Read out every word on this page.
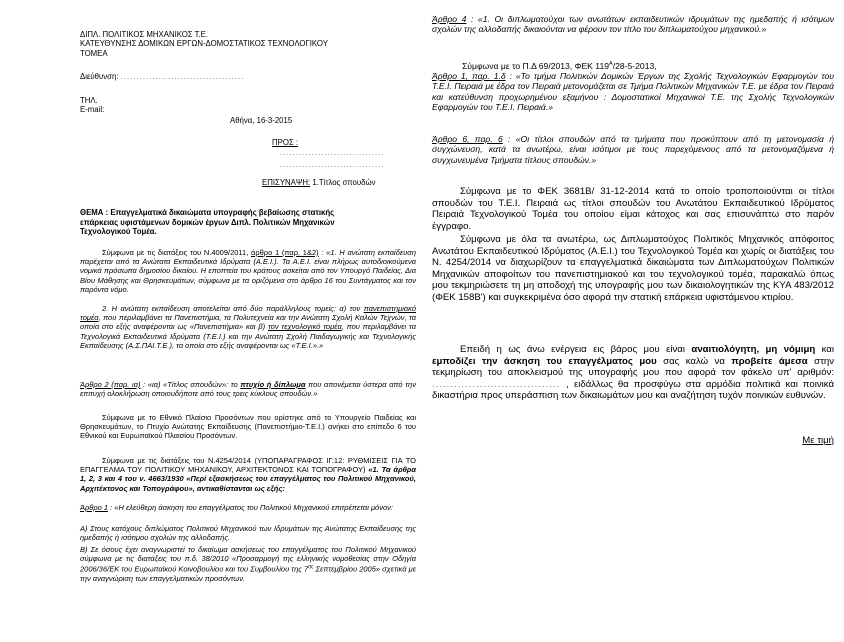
ΔΙΠΛ. ΠΟΛΙΤΙΚΟΣ ΜΗΧΑΝΙΚΟΣ Τ.Ε.
ΚΑΤΕΥΘΥΝΣΗΣ ΔΟΜΙΚΩΝ ΕΡΓΩΝ-ΔΟΜΟΣΤΑΤΙΚΟΣ ΤΕΧΝΟΛΟΓΙΚΟΥ
ΤΟΜΕΑ
Διεύθυνση: .......................................
ΤΗΛ.
E-mail:
Αθήνα, 16-3-2015
ΠΡΟΣ :
.................................
.................................
ΕΠΙΣΥΝΑΨΗ: 1.Τίτλος σπουδών
ΘΕΜΑ : Επαγγελματικά δικαιώματα υπογραφής βεβαίωσης στατικής επάρκειας υφιστάμενων δομικών έργων Διπλ. Πολιτικών Μηχανικών Τεχνολογικού Τομέα.
Σύμφωνα με τις διατάξεις του Ν.4009/2011, άρθρο 1 (παρ. 1&2) : «1. Η ανώτατη εκπαίδευση παρέχεται από τα Ανώτατα Εκπαιδευτικά Ιδρύματα (Α.Ε.Ι.). Τα Α.Ε.Ι. είναι πλήρως αυτοδιοικούμενα νομικά πρόσωπα δημοσίου δικαίου. Η εποπτεία του κράτους ασκείται από τον Υπουργό Παιδείας, Δια Βίου Μάθησης και Θρησκευμάτων, σύμφωνα με τα οριζόμενα στο άρθρο 16 του Συντάγματος και τον παρόντα νόμο.
2. Η ανώτατη εκπαίδευση αποτελείται από δύο παράλληλους τομείς: α) τον πανεπιστημιακό τομέα, που περιλαμβάνει τα Πανεπιστήμια, τα Πολυτεχνεία και την Ανώτατη Σχολή Καλών Τεχνών, τα οποία στο εξής αναφέρονται ως «Πανεπιστήμια» και β) τον τεχνολογικό τομέα, που περιλαμβάνει τα Τεχνολογικά Εκπαιδευτικά Ιδρύματα (Τ.Ε.Ι.) και την Ανώτατη Σχολή Παιδαγωγικής και Τεχνολογικής Εκπαίδευσης (Α.Σ.ΠΑΙ.Τ.Ε.), τα οποία στο εξής αναφέρονται ως «Τ.Ε.Ι.».»
Άρθρο 2 (παρ. ια) : «ια) «Τίτλος σπουδών»: το πτυχίο ή δίπλωμα που απονέμεται ύστερα από την επιτυχή ολοκλήρωση οποιουδήποτε από τους τρεις κύκλους σπουδών.»
Σύμφωνα με το Εθνικό Πλαίσιο Προσόντων που ορίστηκε από το Υπουργείο Παιδείας και Θρησκευμάτων, το Πτυχίο Ανώτατης Εκπαίδευσης (Πανεπιστήμιο-Τ.Ε.Ι.) ανήκει στο επίπεδο 6 του Εθνικού και Ευρωπαϊκού Πλαισίου Προσόντων.
Σύμφωνα με τις διατάξεις του Ν.4254/2014 (ΥΠΟΠΑΡΑΓΡΑΦΟΣ ΙΓ.12: ΡΥΘΜΙΣΕΙΣ ΓΙΑ ΤΟ ΕΠΑΓΓΕΛΜΑ ΤΟΥ ΠΟΛΙΤΙΚΟΥ ΜΗΧΑΝΙΚΟΥ, ΑΡΧΙΤΕΚΤΟΝΟΣ ΚΑΙ ΤΟΠΟΓΡΑΦΟΥ) «1. Τα άρθρα 1, 2, 3 και 4 του ν. 4663/1930 «Περί εξασκήσεως του επαγγέλματος του Πολιτικού Μηχανικού, Αρχιτέκτονος και Τοπογράφου», αντικαθίστανται ως εξής:
Άρθρο 1 : «Η ελεύθερη άσκηση του επαγγέλματος του Πολιτικού Μηχανικού επιτρέπεται μόνον:
Α) Στους κατόχους διπλώματος Πολιτικού Μηχανικού των Ιδρυμάτων της Ανώτατης Εκπαίδευσης της ημεδαπής ή ισότιμου σχολών της αλλοδαπής.
Β) Σε όσους έχει αναγνωριστεί το δικαίωμα ασκήσεως του επαγγέλματος του Πολιτικού Μηχανικού σύμφωνα με τις διατάξεις του π.δ. 38/2010 «Προσαρμογή της ελληνικής νομοθεσίας στην Οδηγία 2006/36/ΕΚ του Ευρωπαϊκού Κοινοβουλίου και του Συμβουλίου της $7^{\eta\varsigma}$ Σεπτεμβρίου 2005» σχετικά με την αναγνώριση των επαγγελματικών προσόντων.
Άρθρο 4 : «1. Οι διπλωματούχοι των ανωτάτων εκπαιδευτικών ιδρυμάτων της ημεδαπής ή ισότιμων σχολών της αλλοδαπής δικαιούνται να φέρουν τον τίτλο του διπλωματούχου μηχανικού.»
Σύμφωνα με το Π.Δ 69/2013, ΦΕΚ $119^A/28-5-2013$,
Άρθρο 1, παρ. 1.δ : «Το τμήμα Πολιτικών Δομικών Έργων της Σχολής Τεχνολογικών Εφαρμογών του Τ.Ε.Ι. Πειραιά με έδρα τον Πειραιά μετονομάζεται σε Τμήμα Πολιτικών Μηχανικών Τ.Ε. με έδρα τον Πειραιά και κατεύθυνση προχωρημένου εξαμήνου : Δομοστατικοί Μηχανικοί Τ.Ε. της Σχολής Τεχνολογικών Εφαρμογών του Τ.Ε.Ι. Πειραιά.»
Άρθρο 6, παρ. 6 : «Οι τίτλοι σπουδών από τα τμήματα που προκύπτουν από τη μετονομασία ή συγχώνευση, κατά τα ανωτέρω, είναι ισότιμοι με τους παρεχόμενους από τα μετονομαζόμενα ή συγχωνευμένα Τμήματα τίτλους σπουδών.»
Σύμφωνα με το ΦΕΚ 3681Β/ 31-12-2014 κατά το οποίο τροποποιούνται οι τίτλοι σπουδών του Τ.Ε.Ι. Πειραιά ως τίτλοι σπουδών του Ανωτάτου Εκπαιδευτικού Ιδρύματος Πειραιά Τεχνολογικού Τομέα του οποίου είμαι κάτοχος και σας επισυνάπτω στο παρόν έγγραφο.
Σύμφωνα με όλα τα ανωτέρω, ως Διπλωματούχος Πολιτικός Μηχανικός απόφοιτος Ανωτάτου Εκπαιδευτικού Ιδρύματος (Α.Ε.Ι.) του Τεχνολογικού Τομέα και χωρίς οι διατάξεις του Ν. 4254/2014 να διαχωρίζουν τα επαγγελματικά δικαιώματα των Διπλωματούχων Πολιτικών Μηχανικών αποφοίτων του πανεπιστημιακού και του τεχνολογικού τομέα, παρακαλώ όπως μου τεκμηριώσετε τη μη αποδοχή της υπογραφής μου των δικαιολογητικών της ΚΥΑ 483/2012 (ΦΕΚ 158Β') και συγκεκριμένα όσο αφορά την στατική επάρκεια υφιστάμενου κτιρίου.
Επειδή η ως άνω ενέργεια εις βάρος μου είναι αναιτιολόγητη, μη νόμιμη και εμποδίζει την άσκηση του επαγγέλματος μου σας καλώ να προβείτε άμεσα στην τεκμηρίωση του αποκλεισμού της υπογραφής μου που αφορά τον φάκελο υπ' αριθμόν: ................................... , ειδάλλως θα προσφύγω στα αρμόδια πολιτικά και ποινικά δικαστήρια προς υπεράσπιση των δικαιωμάτων μου και αναζήτηση τυχόν ποινικών ευθυνών.
Με τιμή
